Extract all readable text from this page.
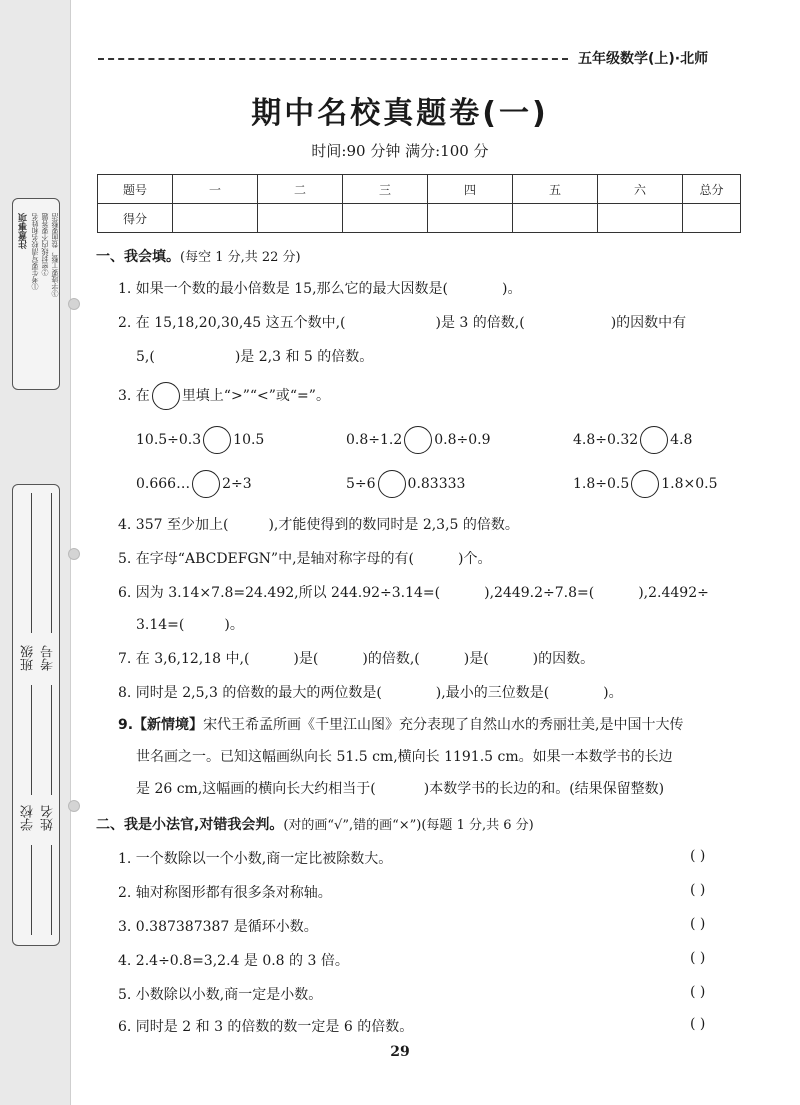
注意事项 ①考生要写清校名和姓名 ②密封线内不要答题 ③字迹要工整，卷面要整洁
学校 姓名
班级 考号
五年级数学(上)·北师
期中名校真题卷(一)
时间:90 分钟 满分:100 分
题号	一	二	三	四	五	六	总分
得分							
一、我会填。(每空 1 分,共 22 分)
1. 如果一个数的最小倍数是 15,那么它的最大因数是(	)。
2. 在 15,18,20,30,45 这五个数中,(	)是 3 的倍数,(	)的因数中有
5,(	)是 2,3 和 5 的倍数。
3. 在 里填上“>”“<”或“=”。
10.5÷0.3 10.5	0.8÷1.2 0.8÷0.9	4.8÷0.32 4.8
0.666… 2÷3	5÷6 0.83333	1.8÷0.5 1.8×0.5
4. 357 至少加上(	),才能使得到的数同时是 2,3,5 的倍数。
5. 在字母“ABCDEFGN”中,是轴对称字母的有(	)个。
6. 因为 3.14×7.8=24.492,所以 244.92÷3.14=(	),2449.2÷7.8=(	),2.4492÷
3.14=(	)。
7. 在 3,6,12,18 中,(	)是(	)的倍数,(	)是(	)的因数。
8. 同时是 2,5,3 的倍数的最大的两位数是(	),最小的三位数是(	)。
9.【新情境】宋代王希孟所画《千里江山图》充分表现了自然山水的秀丽壮美,是中国十大传
世名画之一。已知这幅画纵向长 51.5 cm,横向长 1191.5 cm。如果一本数学书的长边
是 26 cm,这幅画的横向长大约相当于(	)本数学书的长边的和。(结果保留整数)
二、我是小法官,对错我会判。(对的画“√”,错的画“×”)(每题 1 分,共 6 分)
1. 一个数除以一个小数,商一定比被除数大。	( )
2. 轴对称图形都有很多条对称轴。	( )
3. 0.387387387 是循环小数。	( )
4. 2.4÷0.8=3,2.4 是 0.8 的 3 倍。	( )
5. 小数除以小数,商一定是小数。	( )
6. 同时是 2 和 3 的倍数的数一定是 6 的倍数。	( )
29
